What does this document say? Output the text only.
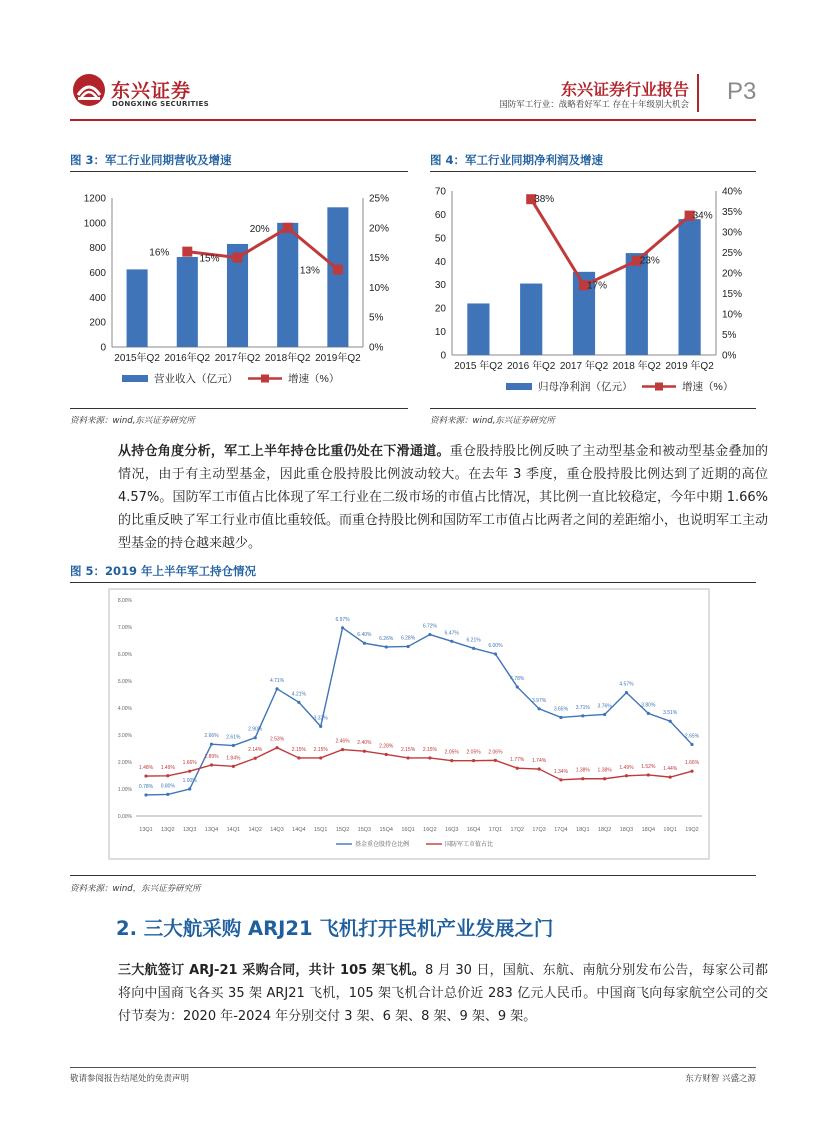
东兴证券
DONGXING SECURITIES
东兴证券行业报告
国防军工行业：战略看好军工 存在十年级别大机会 P3
图 3：军工行业同期营收及增速
0
200
400
600
800
1000
1200
0%
5%
10%
15%
20%
25%
2015年Q2 2016年Q2 2017年Q2 2018年Q2 2019年Q2
16%
15%
20%
13%
营业收入（亿元）	增速（%）
资料来源：wind,东兴证券研究所
图 4：军工行业同期净利润及增速
0
10
20
30
40
50
60
70
0%
5%
10%
15%
20%
25%
30%
35%
40%
2015 年Q2 2016 年Q2 2017 年Q2 2018 年Q2 2019 年Q2
38%
17%
23%
34%
归母净利润（亿元）	增速（%）
资料来源：wind,东兴证券研究所

从持仓角度分析，军工上半年持仓比重仍处在下滑通道。重仓股持股比例反映了主动型基金和被动型基金叠加的情况，由于有主动型基金，因此重仓股持股比例波动较大。在去年 3 季度，重仓股持股比例达到了近期的高位 4.57%。国防军工市值占比体现了军工行业在二级市场的市值占比情况，其比例一直比较稳定，今年中期 1.66%的比重反映了军工行业市值比重较低。而重仓持股比例和国防军工市值占比两者之间的差距缩小，也说明军工主动型基金的持仓越来越少。

图 5：2019 年上半年军工持仓情况
0.00%
1.00%
2.00%
3.00%
4.00%
5.00%
6.00%
7.00%
8.00%
13Q1 13Q2 13Q3 13Q4 14Q1 14Q2 14Q3 14Q4 15Q1 15Q2 15Q3 15Q4 16Q1 16Q2 16Q3 16Q4 17Q1 17Q2 17Q3 17Q4 18Q1 18Q2 18Q3 18Q4 19Q1 19Q2
0.78% 0.80%
1.00%
2.66% 2.61%
2.90%
4.71%
4.21%
3.32%
6.97%
6.40%
6.26% 6.28%
6.72%
6.47%
6.21%
6.00%
4.78%
3.97%
3.65% 3.71% 3.76%
4.57%
3.80%
3.51%
2.65%
1.48% 1.49%
1.66%
1.89% 1.84%
2.14%
2.53%
2.15% 2.15%
2.46% 2.40%
2.28%
2.15% 2.15% 2.05% 2.05% 2.06%
1.77% 1.74%
1.34% 1.38% 1.38% 1.49% 1.52% 1.44%
1.66%
基金重仓股持仓比例	国防军工市值占比
资料来源：wind，东兴证券研究所
2. 三大航采购 ARJ21 飞机打开民机产业发展之门

三大航签订 ARJ-21 采购合同，共计 105 架飞机。8 月 30 日，国航、东航、南航分别发布公告，每家公司都将向中国商飞各买 35 架 ARJ21 飞机，105 架飞机合计总价近 283 亿元人民币。中国商飞向每家航空公司的交付节奏为：2020 年-2024 年分别交付 3 架、6 架、8 架、9 架、9 架。

敬请参阅报告结尾处的免责声明	东方财智 兴盛之源
